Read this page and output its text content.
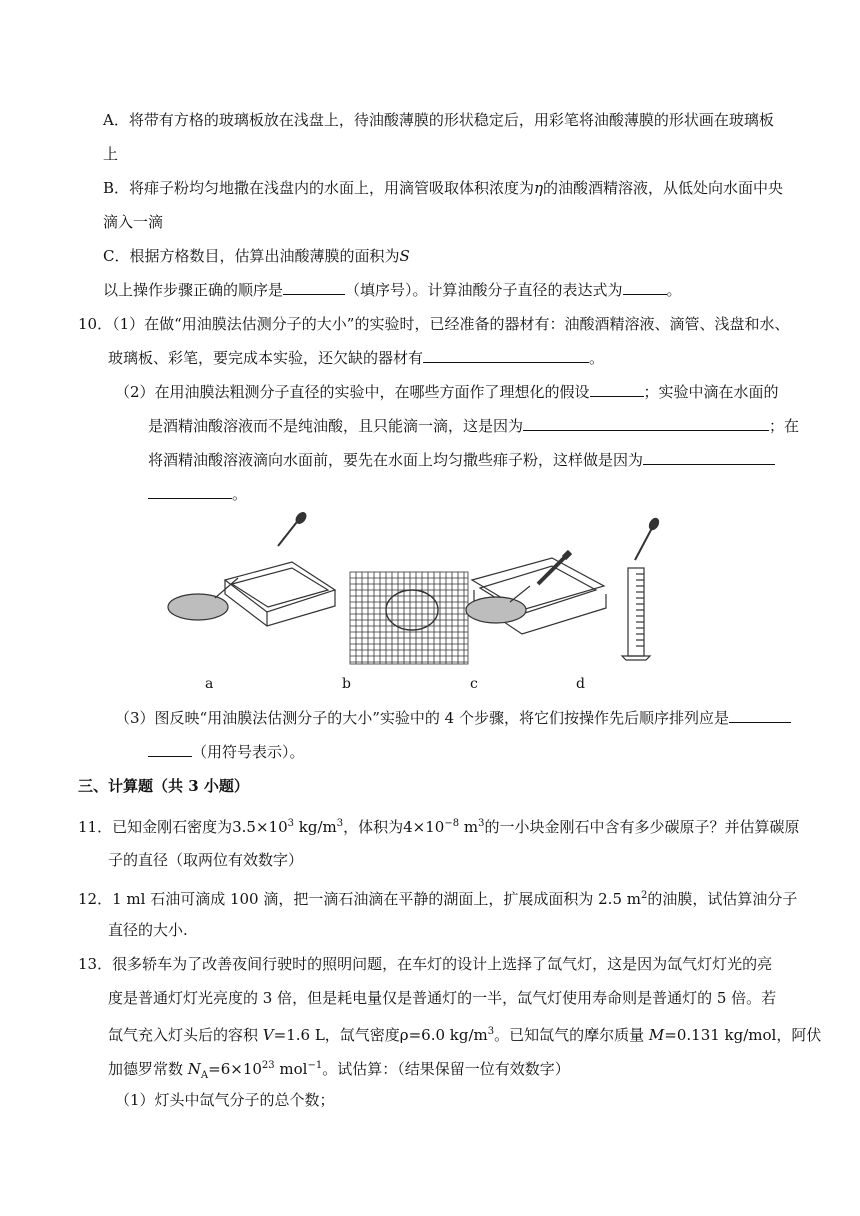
A．将带有方格的玻璃板放在浅盘上，待油酸薄膜的形状稳定后，用彩笔将油酸薄膜的形状画在玻璃板
上
B．将痱子粉均匀地撒在浅盘内的水面上，用滴管吸取体积浓度为η的油酸酒精溶液，从低处向水面中央
滴入一滴
C．根据方格数目，估算出油酸薄膜的面积为S
以上操作步骤正确的顺序是	（填序号）。计算油酸分子直径的表达式为	。
10．（1）在做“用油膜法估测分子的大小”的实验时，已经准备的器材有：油酸酒精溶液、滴管、浅盘和水、
玻璃板、彩笔，要完成本实验，还欠缺的器材有	。
（2）在用油膜法粗测分子直径的实验中，在哪些方面作了理想化的假设	；实验中滴在水面的
是酒精油酸溶液而不是纯油酸，且只能滴一滴，这是因为	；在
将酒精油酸溶液滴向水面前，要先在水面上均匀撒些痱子粉，这样做是因为
。
a	b	c	d
（3）图反映“用油膜法估测分子的大小”实验中的 4 个步骤，将它们按操作先后顺序排列应是
（用符号表示）。
三、计算题（共 3 小题）
11．已知金刚石密度为$3.5\times 10^3$ $kg/m^3$，体积为$4\times 10^{-8}$ $m^3$的一小块金刚石中含有多少碳原子？并估算碳原
子的直径（取两位有效数字）
12．1 ml 石油可滴成 100 滴，把一滴石油滴在平静的湖面上，扩展成面积为 2.5 $m^2$的油膜，试估算油分子
直径的大小.
13．很多轿车为了改善夜间行驶时的照明问题，在车灯的设计上选择了氙气灯，这是因为氙气灯灯光的亮
度是普通灯灯光亮度的 3 倍，但是耗电量仅是普通灯的一半，氙气灯使用寿命则是普通灯的 5 倍。若
氙气充入灯头后的容积 V=1.6 L，氙气密度ρ=6.0 $kg/m^3$。已知氙气的摩尔质量 M=0.131 kg/mol，阿伏
加德罗常数 $N_A=6\times 10^{23}$ mol$^{-1}$。试估算：（结果保留一位有效数字）
（1）灯头中氙气分子的总个数；
